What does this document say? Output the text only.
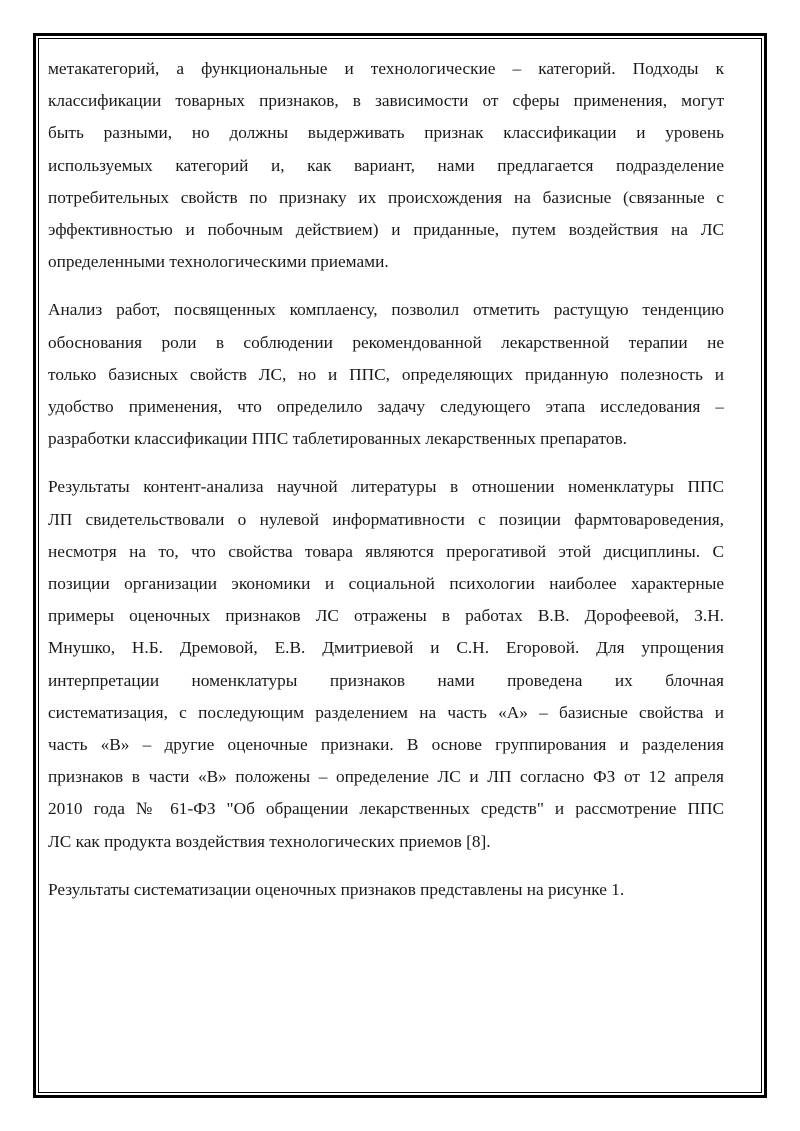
метакатегорий, а функциональные и технологические – категорий. Подходы к
классификации товарных признаков, в зависимости от сферы применения, могут
быть разными, но должны выдерживать признак классификации и уровень
используемых категорий и, как вариант, нами предлагается подразделение
потребительных свойств по признаку их происхождения на базисные (связанные с
эффективностью и побочным действием) и приданные, путем воздействия на ЛС
определенными технологическими приемами.

Анализ работ, посвященных комплаенсу, позволил отметить растущую тенденцию
обоснования роли в соблюдении рекомендованной лекарственной терапии не
только базисных свойств ЛС, но и ППС, определяющих приданную полезность и
удобство применения, что определило задачу следующего этапа исследования –
разработки классификации ППС таблетированных лекарственных препаратов.

Результаты контент-анализа научной литературы в отношении номенклатуры ППС
ЛП свидетельствовали о нулевой информативности с позиции фармтовароведения,
несмотря на то, что свойства товара являются прерогативой этой дисциплины. С
позиции организации экономики и социальной психологии наиболее характерные
примеры оценочных признаков ЛС отражены в работах В.В. Дорофеевой, З.Н.
Мнушко, Н.Б. Дремовой, Е.В. Дмитриевой и С.Н. Егоровой. Для упрощения
интерпретации номенклатуры признаков нами проведена их блочная
систематизация, с последующим разделением на часть «А» – базисные свойства и
часть «В» – другие оценочные признаки. В основе группирования и разделения
признаков в части «В» положены – определение ЛС и ЛП согласно ФЗ от 12 апреля
2010 года № 61-ФЗ "Об обращении лекарственных средств" и рассмотрение ППС
ЛС как продукта воздействия технологических приемов [8].

Результаты систематизации оценочных признаков представлены на рисунке 1.
